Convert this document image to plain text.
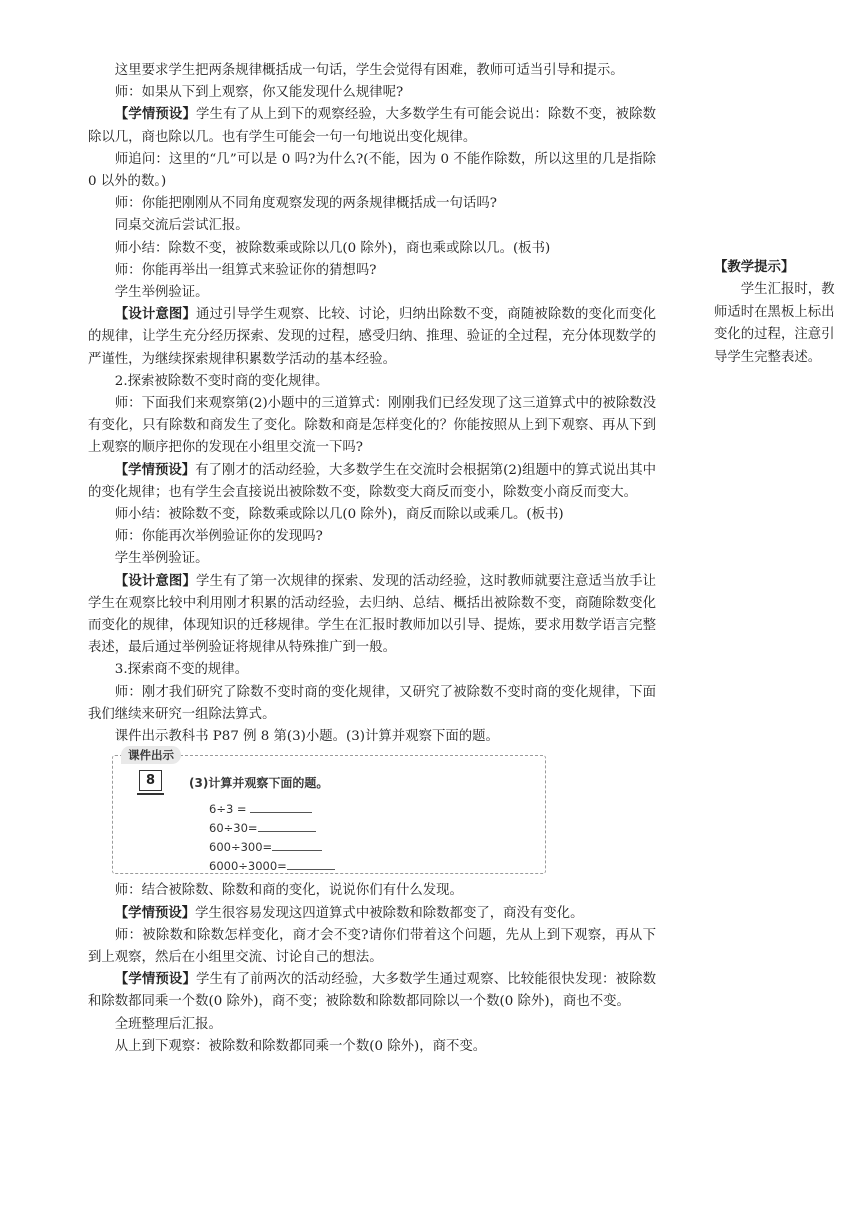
这里要求学生把两条规律概括成一句话，学生会觉得有困难，教师可适当引导和提示。

师：如果从下到上观察，你又能发现什么规律呢?

【学情预设】学生有了从上到下的观察经验，大多数学生有可能会说出：除数不变，被除数除以几，商也除以几。也有学生可能会一句一句地说出变化规律。

师追问：这里的“几”可以是 0 吗?为什么?(不能，因为 0 不能作除数，所以这里的几是指除 0 以外的数。)

师：你能把刚刚从不同角度观察发现的两条规律概括成一句话吗?

同桌交流后尝试汇报。

师小结：除数不变，被除数乘或除以几(0 除外)，商也乘或除以几。(板书)

师：你能再举出一组算式来验证你的猜想吗?

学生举例验证。

【设计意图】通过引导学生观察、比较、讨论，归纳出除数不变，商随被除数的变化而变化的规律，让学生充分经历探索、发现的过程，感受归纳、推理、验证的全过程，充分体现数学的严谨性，为继续探索规律积累数学活动的基本经验。

2.探索被除数不变时商的变化规律。

师：下面我们来观察第(2)小题中的三道算式：刚刚我们已经发现了这三道算式中的被除数没有变化，只有除数和商发生了变化。除数和商是怎样变化的？你能按照从上到下观察、再从下到上观察的顺序把你的发现在小组里交流一下吗?

【学情预设】有了刚才的活动经验，大多数学生在交流时会根据第(2)组题中的算式说出其中的变化规律；也有学生会直接说出被除数不变，除数变大商反而变小，除数变小商反而变大。

师小结：被除数不变，除数乘或除以几(0 除外)，商反而除以或乘几。(板书)

师：你能再次举例验证你的发现吗?

学生举例验证。

【设计意图】学生有了第一次规律的探索、发现的活动经验，这时教师就要注意适当放手让学生在观察比较中利用刚才积累的活动经验，去归纳、总结、概括出被除数不变，商随除数变化而变化的规律，体现知识的迁移规律。学生在汇报时教师加以引导、提炼，要求用数学语言完整表述，最后通过举例验证将规律从特殊推广到一般。

3.探索商不变的规律。

师：刚才我们研究了除数不变时商的变化规律，又研究了被除数不变时商的变化规律，下面我们继续来研究一组除法算式。

课件出示教科书 P87 例 8 第(3)小题。(3)计算并观察下面的题。

课件出示
8	(3)计算并观察下面的题。
6÷3 =
60÷30=
600÷300=
6000÷3000=

师：结合被除数、除数和商的变化，说说你们有什么发现。

【学情预设】学生很容易发现这四道算式中被除数和除数都变了，商没有变化。

师：被除数和除数怎样变化，商才会不变?请你们带着这个问题，先从上到下观察，再从下到上观察，然后在小组里交流、讨论自己的想法。

【学情预设】学生有了前两次的活动经验，大多数学生通过观察、比较能很快发现：被除数和除数都同乘一个数(0 除外)，商不变；被除数和除数都同除以一个数(0 除外)，商也不变。

全班整理后汇报。

从上到下观察：被除数和除数都同乘一个数(0 除外)，商不变。

【教学提示】

学生汇报时，教师适时在黑板上标出变化的过程，注意引导学生完整表述。
